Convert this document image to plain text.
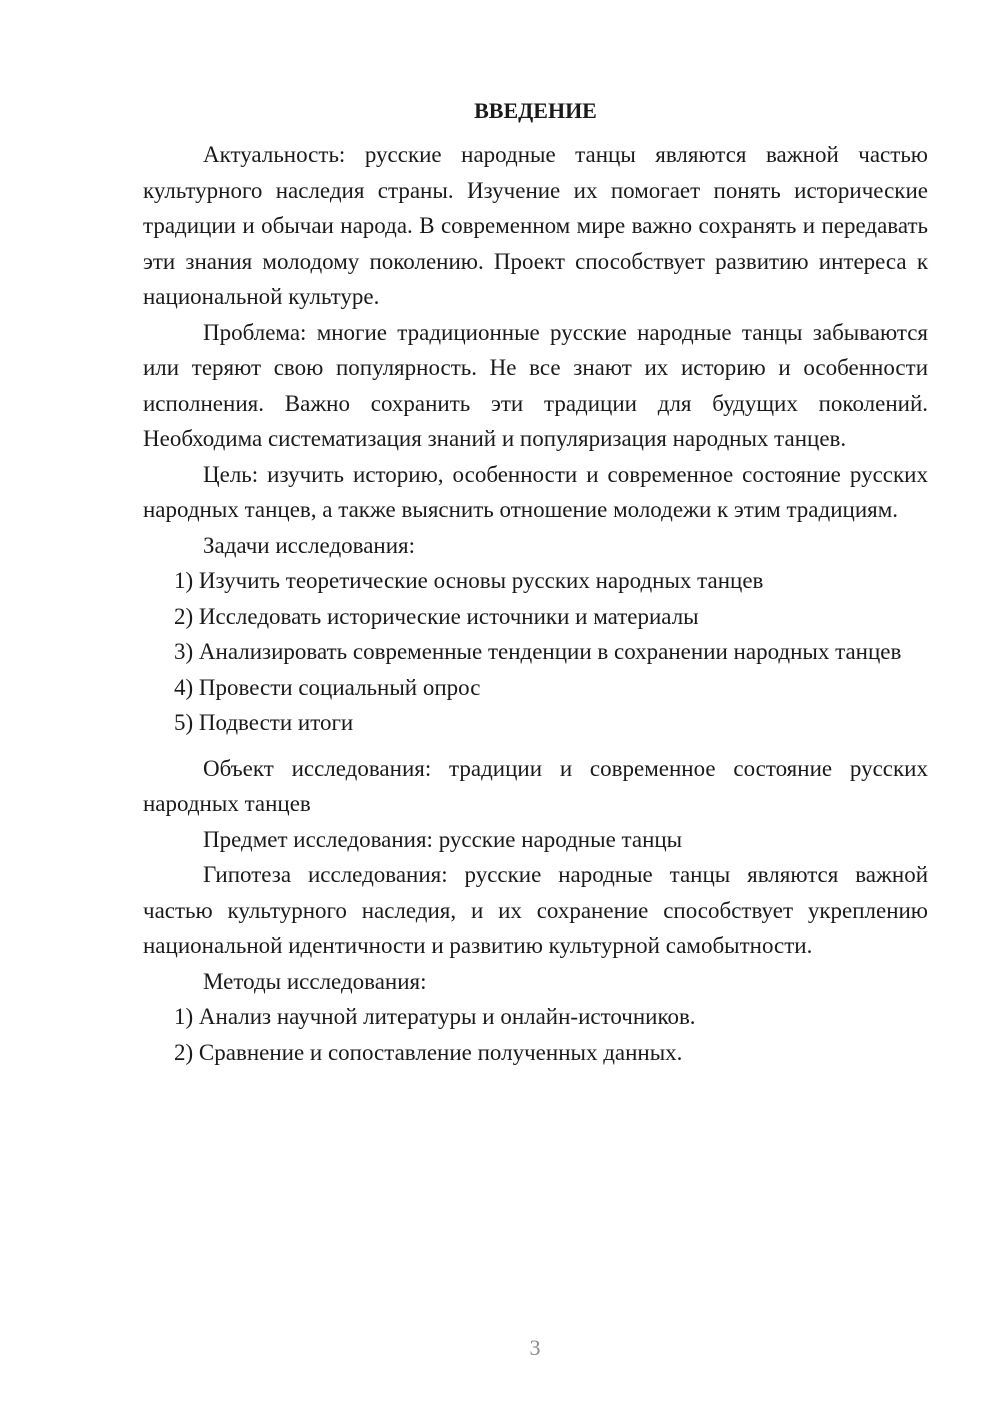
ВВЕДЕНИЕ

Актуальность: русские народные танцы являются важной частью культурного наследия страны. Изучение их помогает понять исторические традиции и обычаи народа. В современном мире важно сохранять и передавать эти знания молодому поколению. Проект способствует развитию интереса к национальной культуре.

Проблема: многие традиционные русские народные танцы забываются или теряют свою популярность. Не все знают их историю и особенности исполнения. Важно сохранить эти традиции для будущих поколений. Необходима систематизация знаний и популяризация народных танцев.

Цель: изучить историю, особенности и современное состояние русских народных танцев, а также выяснить отношение молодежи к этим традициям.

Задачи исследования:

1) Изучить теоретические основы русских народных танцев

2) Исследовать исторические источники и материалы

3) Анализировать современные тенденции в сохранении народных танцев

4) Провести социальный опрос

5) Подвести итоги

Объект исследования: традиции и современное состояние русских народных танцев

Предмет исследования: русские народные танцы

Гипотеза исследования: русские народные танцы являются важной частью культурного наследия, и их сохранение способствует укреплению национальной идентичности и развитию культурной самобытности.

Методы исследования:

1) Анализ научной литературы и онлайн-источников.

2) Сравнение и сопоставление полученных данных.

3
